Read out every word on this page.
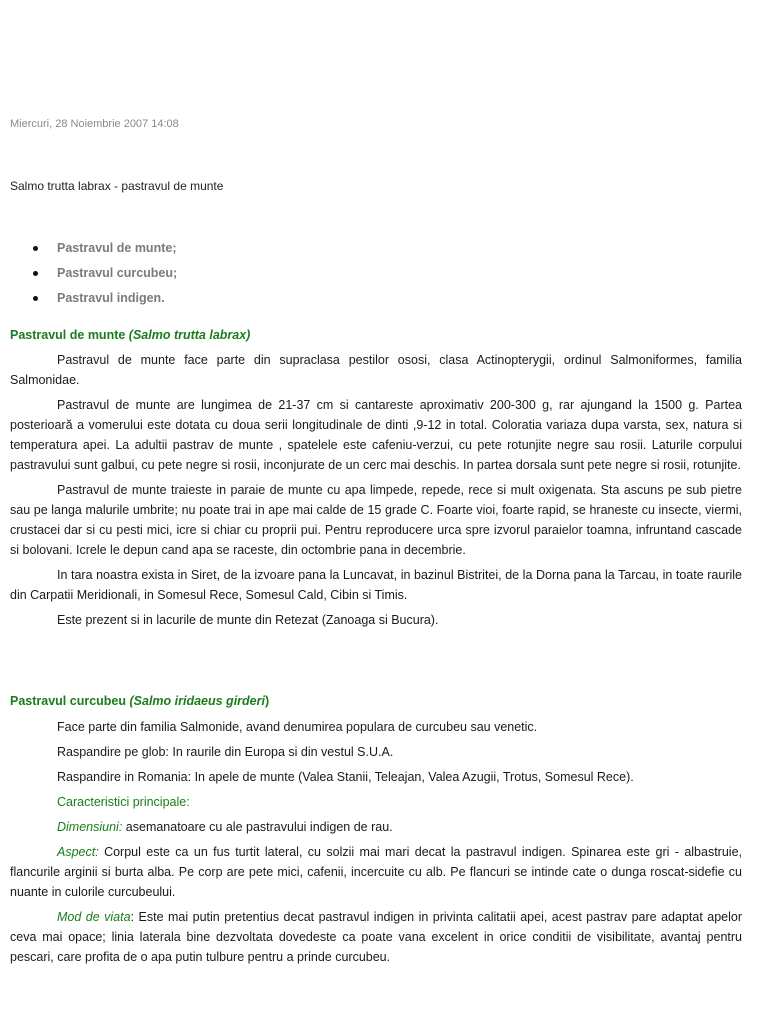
Miercuri, 28 Noiembrie 2007 14:08
Salmo trutta labrax - pastravul de munte
Pastravul de munte;
Pastravul curcubeu;
Pastravul indigen.
Pastravul de munte (Salmo trutta labrax)

Pastravul de munte face parte din supraclasa pestilor ososi, clasa Actinopterygii, ordinul Salmoniformes, familia Salmonidae.

Pastravul de munte are lungimea de 21-37 cm si cantareste aproximativ 200-300 g, rar ajungand la 1500 g. Partea posterioară a vomerului este dotata cu doua serii longitudinale de dinti ,9-12 in total. Coloratia variaza dupa varsta, sex, natura si temperatura apei. La adultii pastrav de munte , spatelele este cafeniu-verzui, cu pete rotunjite negre sau rosii. Laturile corpului pastravului sunt galbui, cu pete negre si rosii, inconjurate de un cerc mai deschis. In partea dorsala sunt pete negre si rosii, rotunjite.

Pastravul de munte traieste in paraie de munte cu apa limpede, repede, rece si mult oxigenata. Sta ascuns pe sub pietre sau pe langa malurile umbrite; nu poate trai in ape mai calde de 15 grade C. Foarte vioi, foarte rapid, se hraneste cu insecte, viermi, crustacei dar si cu pesti mici, icre si chiar cu proprii pui. Pentru reproducere urca spre izvorul paraielor toamna, infruntand cascade si bolovani. Icrele le depun cand apa se raceste, din octombrie pana in decembrie.

In tara noastra exista in Siret, de la izvoare pana la Luncavat, in bazinul Bistritei, de la Dorna pana la Tarcau, in toate raurile din Carpatii Meridionali, in Somesul Rece, Somesul Cald, Cibin si Timis.

Este prezent si in lacurile de munte din Retezat (Zanoaga si Bucura).

Pastravul curcubeu (Salmo iridaeus girderi)

Face parte din familia Salmonide, avand denumirea populara de curcubeu sau venetic.

Raspandire pe glob: In raurile din Europa si din vestul S.U.A.

Raspandire in Romania: In apele de munte (Valea Stanii, Teleajan, Valea Azugii, Trotus, Somesul Rece).

Caracteristici principale:

Dimensiuni: asemanatoare cu ale pastravului indigen de rau.

Aspect: Corpul este ca un fus turtit lateral, cu solzii mai mari decat la pastravul indigen. Spinarea este gri - albastruie, flancurile arginii si burta alba. Pe corp are pete mici, cafenii, incercuite cu alb. Pe flancuri se intinde cate o dunga roscat-sidefie cu nuante in culorile curcubeului.

Mod de viata: Este mai putin pretentius decat pastravul indigen in privinta calitatii apei, acest pastrav pare adaptat apelor ceva mai opace; linia laterala bine dezvoltata dovedeste ca poate vana excelent in orice conditii de visibilitate, avantaj pentru pescari, care profita de o apa putin tulbure pentru a prinde curcubeu.
